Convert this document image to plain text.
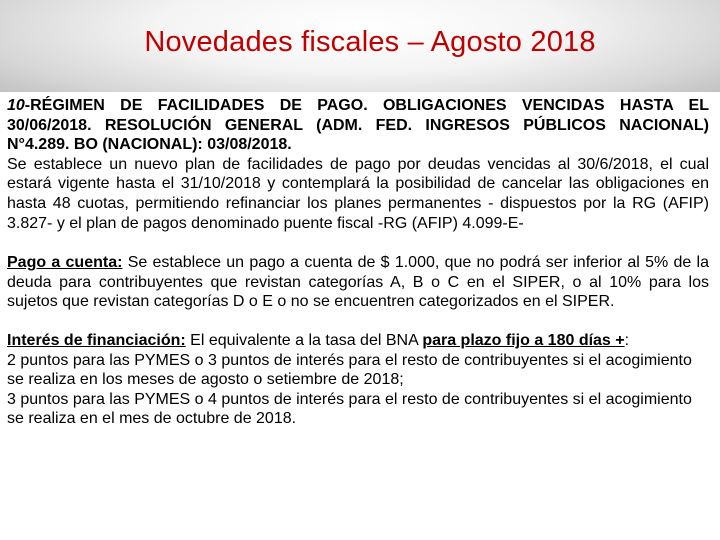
Novedades fiscales – Agosto 2018

10-RÉGIMEN DE FACILIDADES DE PAGO. OBLIGACIONES VENCIDAS HASTA EL 30/06/2018. RESOLUCIÓN GENERAL (ADM. FED. INGRESOS PÚBLICOS NACIONAL) N°4.289. BO (NACIONAL): 03/08/2018.

Se establece un nuevo plan de facilidades de pago por deudas vencidas al 30/6/2018, el cual estará vigente hasta el 31/10/2018 y contemplará la posibilidad de cancelar las obligaciones en hasta 48 cuotas, permitiendo refinanciar los planes permanentes - dispuestos por la RG (AFIP) 3.827- y el plan de pagos denominado puente fiscal -RG (AFIP) 4.099-E-

Pago a cuenta: Se establece un pago a cuenta de $ 1.000, que no podrá ser inferior al 5% de la deuda para contribuyentes que revistan categorías A, B o C en el SIPER, o al 10% para los sujetos que revistan categorías D o E o no se encuentren categorizados en el SIPER.

Interés de financiación: El equivalente a la tasa del BNA para plazo fijo a 180 días +:

2 puntos para las PYMES o 3 puntos de interés para el resto de contribuyentes si el acogimiento se realiza en los meses de agosto o setiembre de 2018;

3 puntos para las PYMES o 4 puntos de interés para el resto de contribuyentes si el acogimiento se realiza en el mes de octubre de 2018.
